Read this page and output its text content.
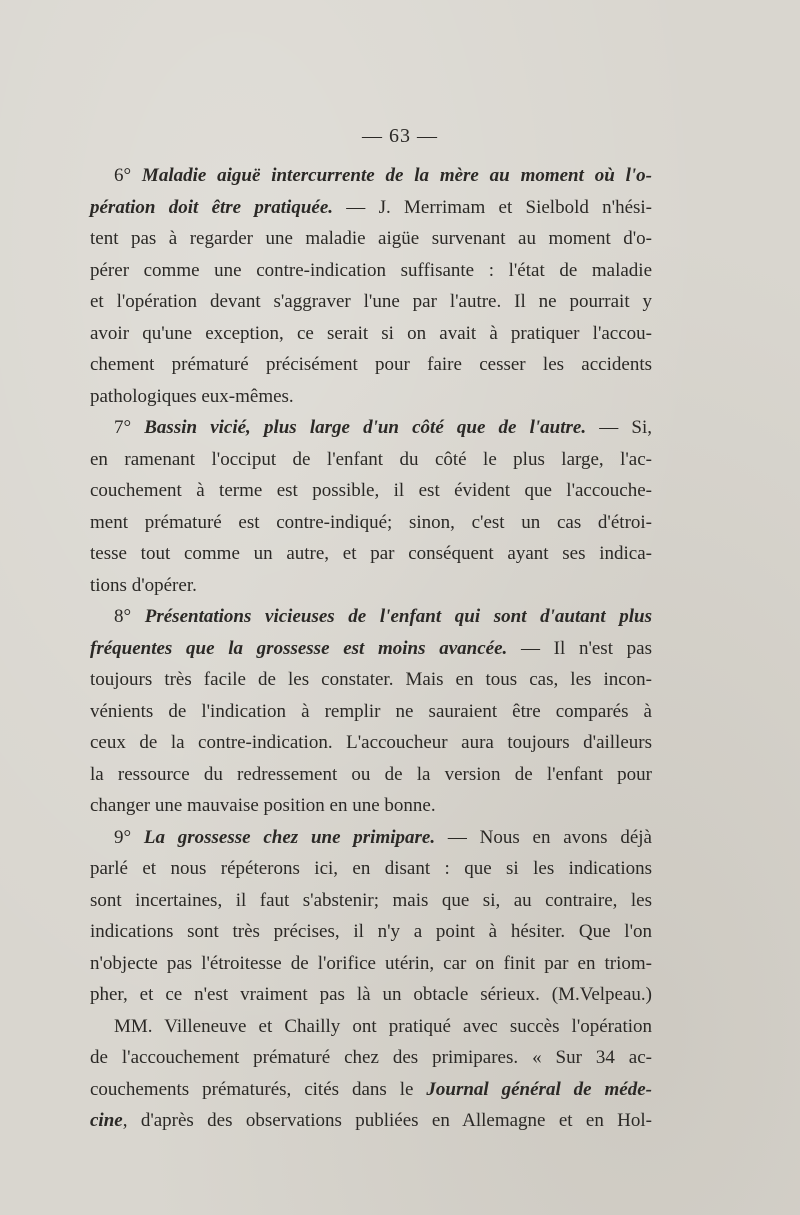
— 63 —
6° Maladie aiguë intercurrente de la mère au moment où l'o-
pération doit être pratiquée. — J. Merrimam et Sielbold n'hési-
tent pas à regarder une maladie aigüe survenant au moment d'o-
pérer comme une contre-indication suffisante : l'état de maladie
et l'opération devant s'aggraver l'une par l'autre. Il ne pourrait y
avoir qu'une exception, ce serait si on avait à pratiquer l'accou-
chement prématuré précisément pour faire cesser les accidents
pathologiques eux-mêmes.
7° Bassin vicié, plus large d'un côté que de l'autre. — Si,
en ramenant l'occiput de l'enfant du côté le plus large, l'ac-
couchement à terme est possible, il est évident que l'accouche-
ment prématuré est contre-indiqué; sinon, c'est un cas d'étroi-
tesse tout comme un autre, et par conséquent ayant ses indica-
tions d'opérer.
8° Présentations vicieuses de l'enfant qui sont d'autant plus
fréquentes que la grossesse est moins avancée. — Il n'est pas
toujours très facile de les constater. Mais en tous cas, les incon-
vénients de l'indication à remplir ne sauraient être comparés à
ceux de la contre-indication. L'accoucheur aura toujours d'ailleurs
la ressource du redressement ou de la version de l'enfant pour
changer une mauvaise position en une bonne.
9° La grossesse chez une primipare. — Nous en avons déjà
parlé et nous répéterons ici, en disant : que si les indications
sont incertaines, il faut s'abstenir; mais que si, au contraire, les
indications sont très précises, il n'y a point à hésiter. Que l'on
n'objecte pas l'étroitesse de l'orifice utérin, car on finit par en triom-
pher, et ce n'est vraiment pas là un obtacle sérieux. (M.Velpeau.)
MM. Villeneuve et Chailly ont pratiqué avec succès l'opération
de l'accouchement prématuré chez des primipares. « Sur 34 ac-
couchements prématurés, cités dans le Journal général de méde-
cine, d'après des observations publiées en Allemagne et en Hol-
